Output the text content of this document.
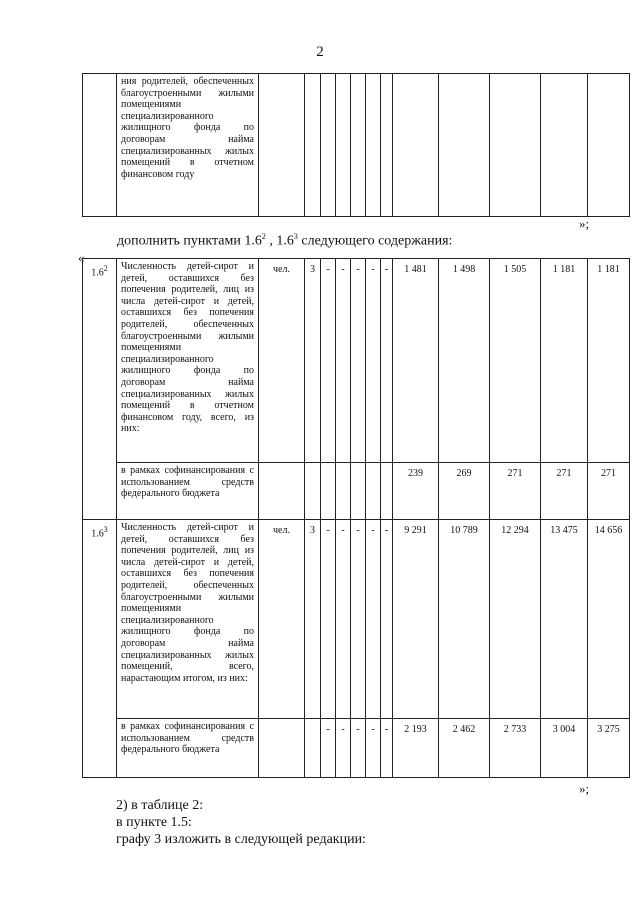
2
	ния родителей, обеспеченных благоустроенными жилыми помещениями специализированного жилищного фонда по договорам найма специализированных жилых помещений в отчетном финансовом году												
»;
дополнить пунктами $1.6^2$ , $1.6^3$ следующего содержания:
«
$1.6^2$	Численность детей-сирот и детей, оставшихся без попечения родителей, лиц из числа детей-сирот и детей, оставшихся без попечения родителей, обеспеченных благоустроенными жилыми помещениями специализированного жилищного фонда по договорам найма специализированных жилых помещений в отчетном финансовом году, всего, из них:	чел.	3	-	-	-	-	-	1 481	1 498	1 505	1 181	1 181
	в рамках софинансирования с использованием средств федерального бюджета								239	269	271	271	271
$1.6^3$	Численность детей-сирот и детей, оставшихся без попечения родителей, лиц из числа детей-сирот и детей, оставшихся без попечения родителей, обеспеченных благоустроенными жилыми помещениями специализированного жилищного фонда по договорам найма специализированных жилых помещений, всего, нарастающим итогом, из них:	чел.	3	-	-	-	-	-	9 291	10 789	12 294	13 475	14 656
	в рамках софинансирования с использованием средств федерального бюджета			-	-	-	-	-	2 193	2 462	2 733	3 004	3 275
»;
2) в таблице 2:
в пункте 1.5:
графу 3 изложить в следующей редакции:
